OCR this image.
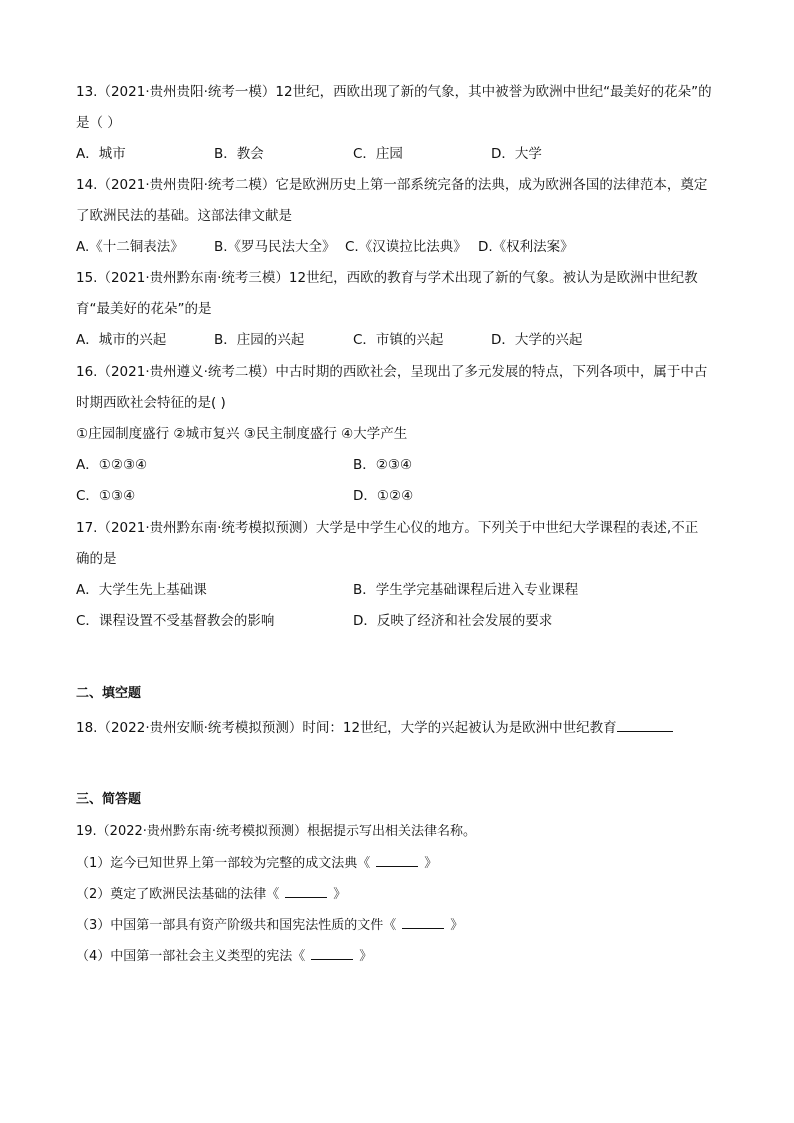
13.（2021·贵州贵阳·统考一模）12世纪，西欧出现了新的气象，其中被誉为欧洲中世纪“最美好的花朵”的
是（ ）
A．城市	B．教会	C．庄园	D．大学
14.（2021·贵州贵阳·统考二模）它是欧洲历史上第一部系统完备的法典，成为欧洲各国的法律范本，奠定
了欧洲民法的基础。这部法律文献是
A.《十二铜表法》 B.《罗马民法大全》 C.《汉谟拉比法典》 D.《权利法案》
15.（2021·贵州黔东南·统考三模）12世纪，西欧的教育与学术出现了新的气象。被认为是欧洲中世纪教
育“最美好的花朵”的是
A．城市的兴起	B．庄园的兴起	C．市镇的兴起	D．大学的兴起
16.（2021·贵州遵义·统考二模）中古时期的西欧社会，呈现出了多元发展的特点，下列各项中，属于中古
时期西欧社会特征的是( )
①庄园制度盛行 ②城市复兴 ③民主制度盛行 ④大学产生
A．①②③④	B．②③④
C．①③④	D．①②④
17.（2021·贵州黔东南·统考模拟预测）大学是中学生心仪的地方。下列关于中世纪大学课程的表述,不正
确的是
A．大学生先上基础课	B．学生学完基础课程后进入专业课程
C．课程设置不受基督教会的影响	D．反映了经济和社会发展的要求
二、填空题
18.（2022·贵州安顺·统考模拟预测）时间：12世纪，大学的兴起被认为是欧洲中世纪教育
三、简答题
19.（2022·贵州黔东南·统考模拟预测）根据提示写出相关法律名称。
（1）迄今已知世界上第一部较为完整的成文法典《	》
（2）奠定了欧洲民法基础的法律《	》
（3）中国第一部具有资产阶级共和国宪法性质的文件《	》
（4）中国第一部社会主义类型的宪法《	》
